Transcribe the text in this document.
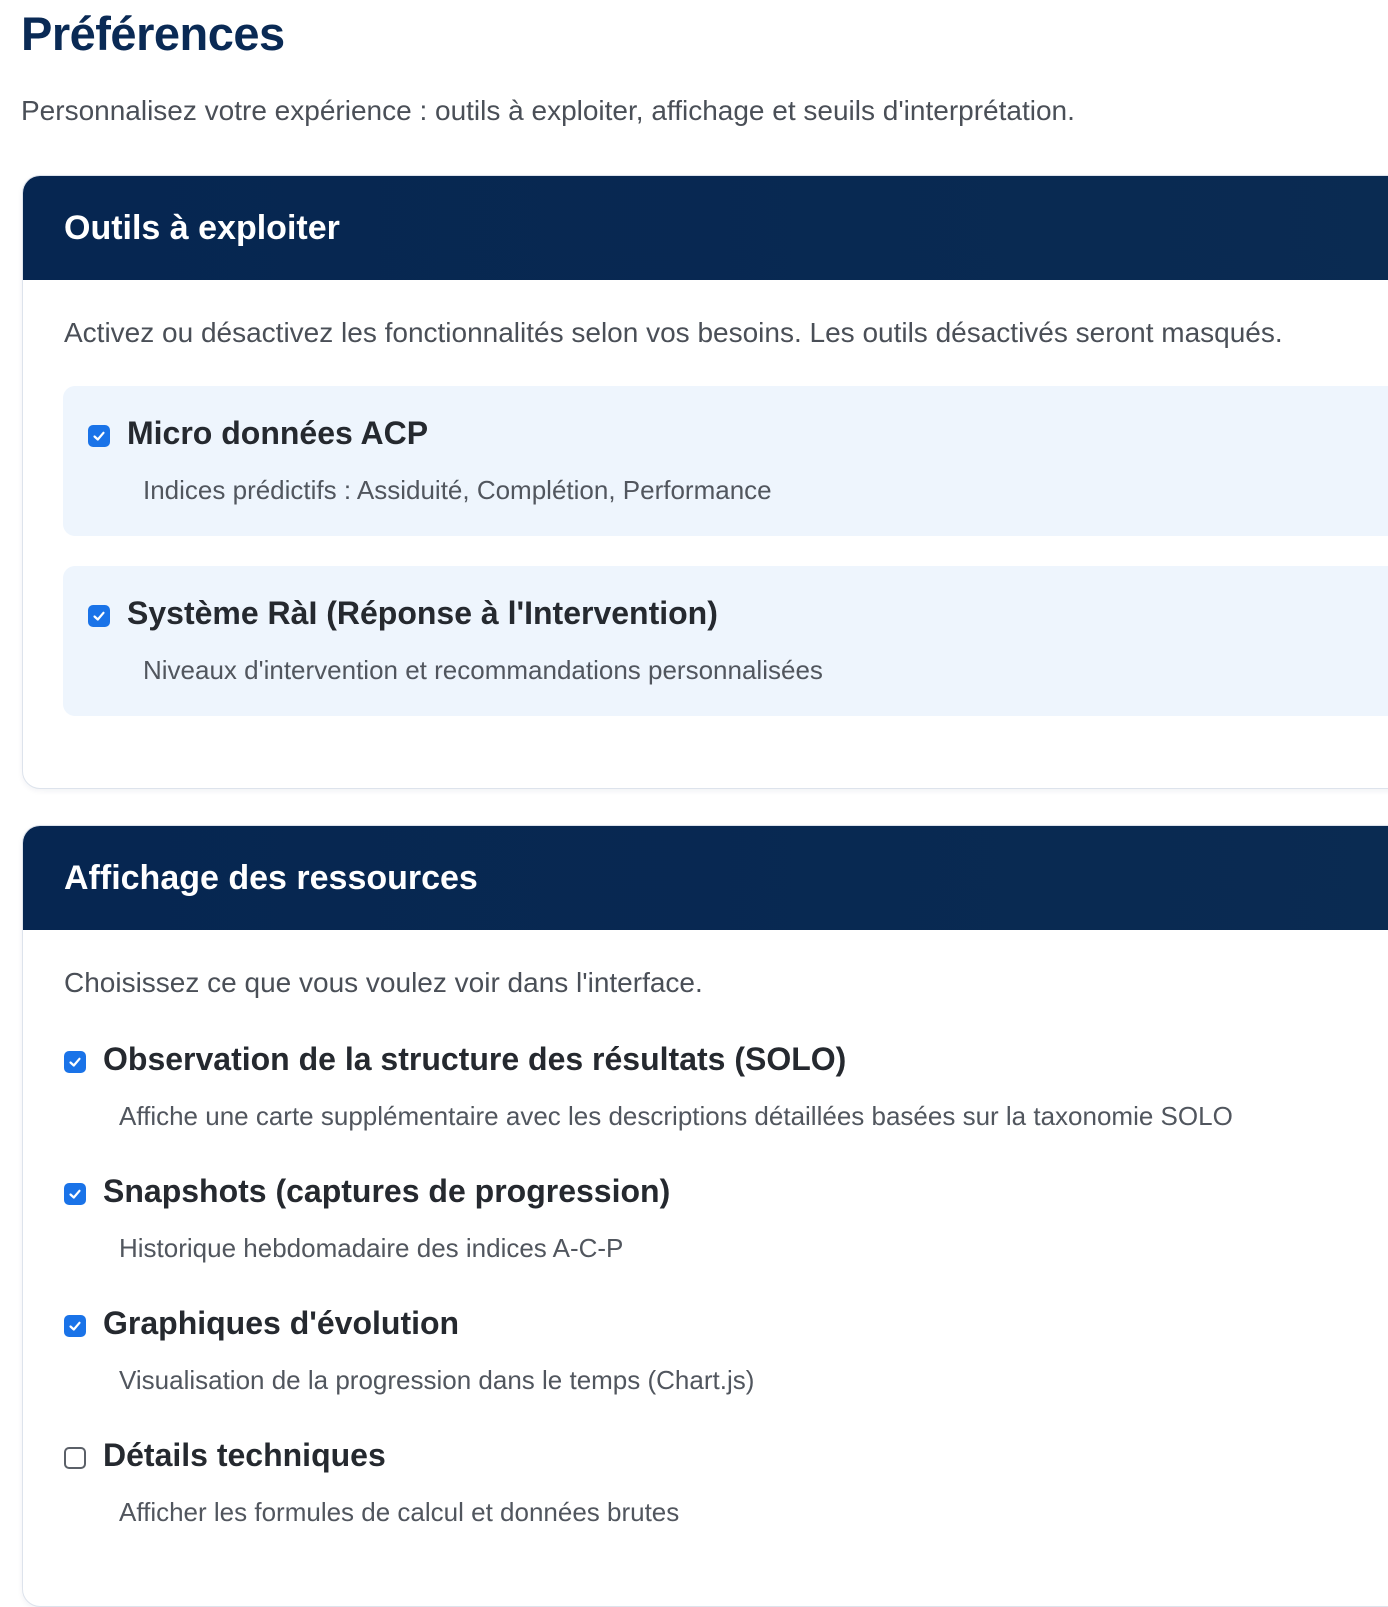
Préférences

Personnalisez votre expérience : outils à exploiter, affichage et seuils d'interprétation.

Outils à exploiter

Activez ou désactivez les fonctionnalités selon vos besoins. Les outils désactivés seront masqués.

Micro données ACP
Indices prédictifs : Assiduité, Complétion, Performance
Système RàI (Réponse à l'Intervention)
Niveaux d'intervention et recommandations personnalisées
Affichage des ressources

Choisissez ce que vous voulez voir dans l'interface.

Observation de la structure des résultats (SOLO)
Affiche une carte supplémentaire avec les descriptions détaillées basées sur la taxonomie SOLO
Snapshots (captures de progression)
Historique hebdomadaire des indices A-C-P
Graphiques d'évolution
Visualisation de la progression dans le temps (Chart.js)
Détails techniques
Afficher les formules de calcul et données brutes
